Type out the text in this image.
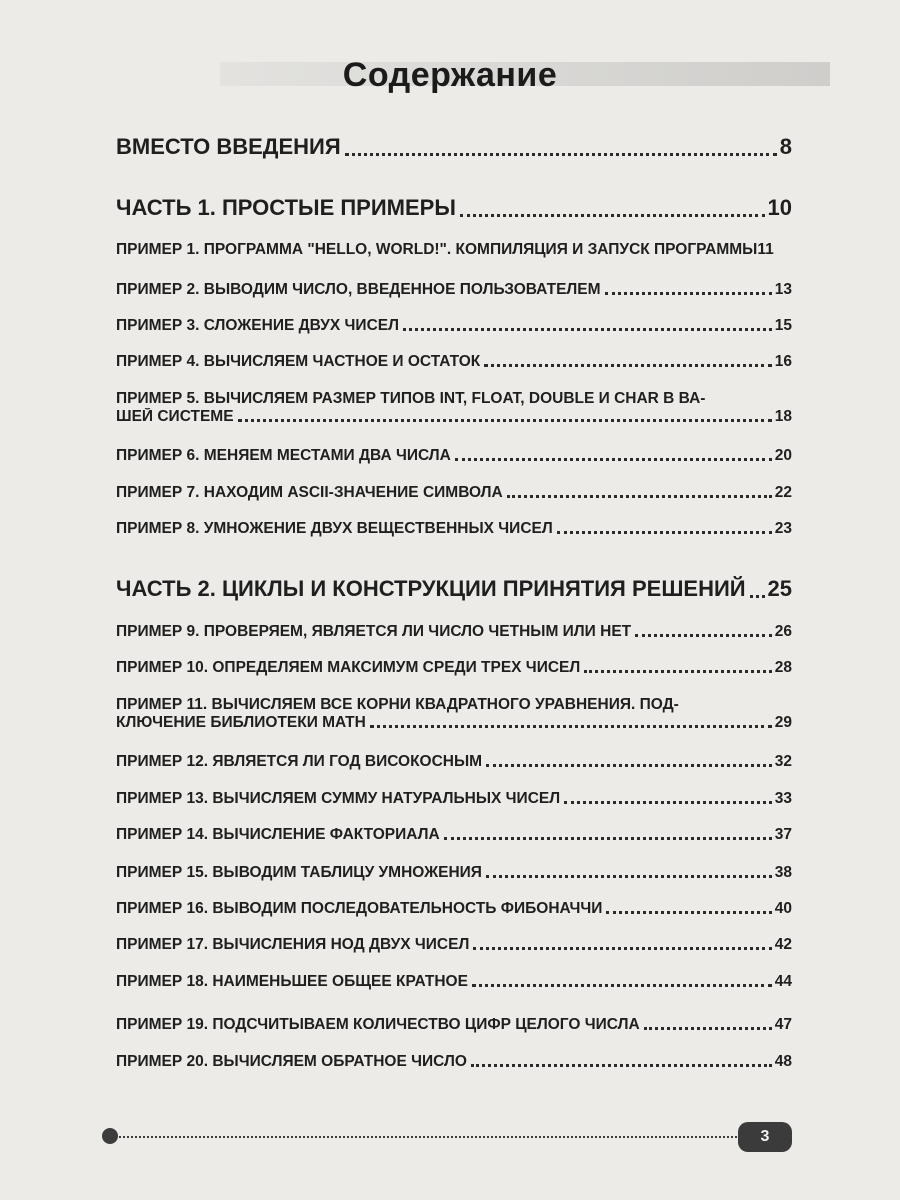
Содержание
ВМЕСТО ВВЕДЕНИЯ	8
ЧАСТЬ 1. ПРОСТЫЕ ПРИМЕРЫ	10
ПРИМЕР 1. ПРОГРАММА "HELLO, WORLD!". КОМПИЛЯЦИЯ И ЗАПУСК ПРОГРАММЫ 11
ПРИМЕР 2. ВЫВОДИМ ЧИСЛО, ВВЕДЕННОЕ ПОЛЬЗОВАТЕЛЕМ	13
ПРИМЕР 3. СЛОЖЕНИЕ ДВУХ ЧИСЕЛ	15
ПРИМЕР 4. ВЫЧИСЛЯЕМ ЧАСТНОЕ И ОСТАТОК	16
ПРИМЕР 5. ВЫЧИСЛЯЕМ РАЗМЕР ТИПОВ INT, FLOAT, DOUBLE И CHAR В ВА-
ШЕЙ СИСТЕМЕ	18
ПРИМЕР 6. МЕНЯЕМ МЕСТАМИ ДВА ЧИСЛА	20
ПРИМЕР 7. НАХОДИМ ASCII-ЗНАЧЕНИЕ СИМВОЛА	22
ПРИМЕР 8. УМНОЖЕНИЕ ДВУХ ВЕЩЕСТВЕННЫХ ЧИСЕЛ	23
ЧАСТЬ 2. ЦИКЛЫ И КОНСТРУКЦИИ ПРИНЯТИЯ РЕШЕНИЙ 25
ПРИМЕР 9. ПРОВЕРЯЕМ, ЯВЛЯЕТСЯ ЛИ ЧИСЛО ЧЕТНЫМ ИЛИ НЕТ	26
ПРИМЕР 10. ОПРЕДЕЛЯЕМ МАКСИМУМ СРЕДИ ТРЕХ ЧИСЕЛ	28
ПРИМЕР 11. ВЫЧИСЛЯЕМ ВСЕ КОРНИ КВАДРАТНОГО УРАВНЕНИЯ. ПОД-
КЛЮЧЕНИЕ БИБЛИОТЕКИ MATH	29
ПРИМЕР 12. ЯВЛЯЕТСЯ ЛИ ГОД ВИСОКОСНЫМ	32
ПРИМЕР 13. ВЫЧИСЛЯЕМ СУММУ НАТУРАЛЬНЫХ ЧИСЕЛ	33
ПРИМЕР 14. ВЫЧИСЛЕНИЕ ФАКТОРИАЛА	37
ПРИМЕР 15. ВЫВОДИМ ТАБЛИЦУ УМНОЖЕНИЯ	38
ПРИМЕР 16. ВЫВОДИМ ПОСЛЕДОВАТЕЛЬНОСТЬ ФИБОНАЧЧИ	40
ПРИМЕР 17. ВЫЧИСЛЕНИЯ НОД ДВУХ ЧИСЕЛ	42
ПРИМЕР 18. НАИМЕНЬШЕЕ ОБЩЕЕ КРАТНОЕ	44
ПРИМЕР 19. ПОДСЧИТЫВАЕМ КОЛИЧЕСТВО ЦИФР ЦЕЛОГО ЧИСЛА	47
ПРИМЕР 20. ВЫЧИСЛЯЕМ ОБРАТНОЕ ЧИСЛО	48
3
